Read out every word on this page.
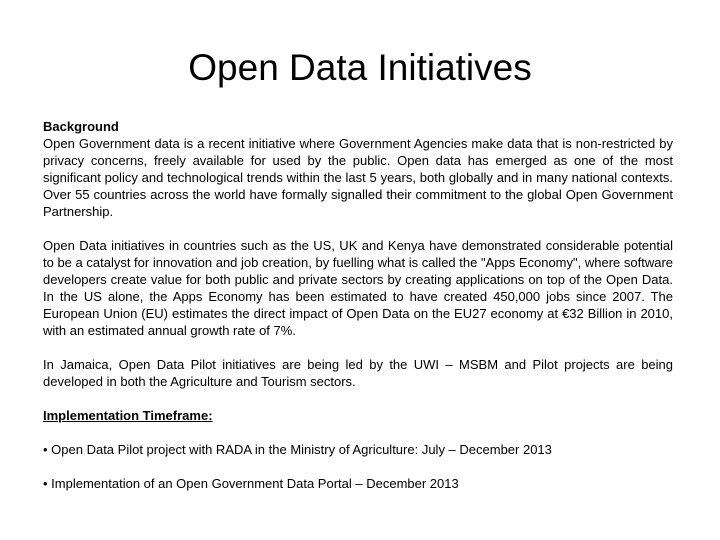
Open Data Initiatives
Background

Open Government data is a recent initiative where Government Agencies make data that is non-restricted by privacy concerns, freely available for used by the public. Open data has emerged as one of the most significant policy and technological trends within the last 5 years, both globally and in many national contexts. Over 55 countries across the world have formally signalled their commitment to the global Open Government Partnership.

Open Data initiatives in countries such as the US, UK and Kenya have demonstrated considerable potential to be a catalyst for innovation and job creation, by fuelling what is called the "Apps Economy", where software developers create value for both public and private sectors by creating applications on top of the Open Data. In the US alone, the Apps Economy has been estimated to have created 450,000 jobs since 2007. The European Union (EU) estimates the direct impact of Open Data on the EU27 economy at €32 Billion in 2010, with an estimated annual growth rate of 7%.

In Jamaica, Open Data Pilot initiatives are being led by the UWI – MSBM and Pilot projects are being developed in both the Agriculture and Tourism sectors.

Implementation Timeframe:

• Open Data Pilot project with RADA in the Ministry of Agriculture: July – December 2013

• Implementation of an Open Government Data Portal – December 2013
